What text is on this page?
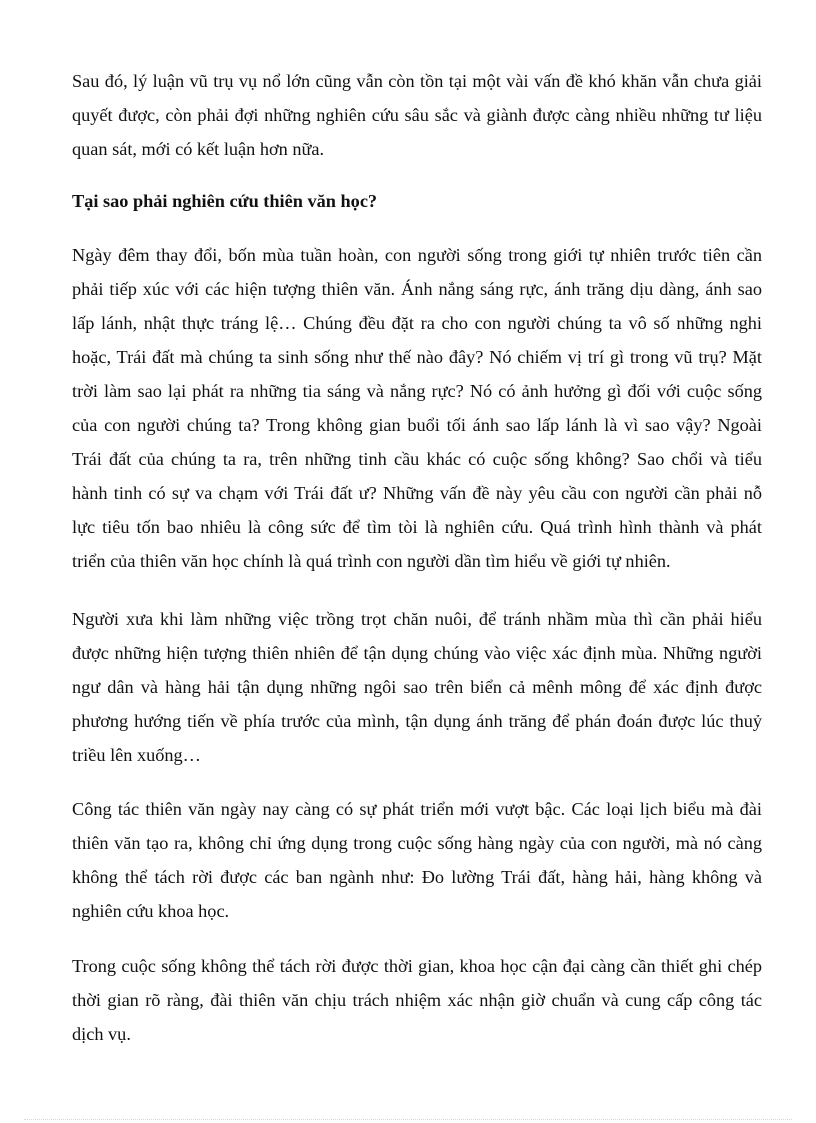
Sau đó, lý luận vũ trụ vụ nổ lớn cũng vẫn còn tồn tại một vài vấn đề khó khăn vẫn chưa giải
quyết được, còn phải đợi những nghiên cứu sâu sắc và giành được càng nhiều những tư liệu
quan sát, mới có kết luận hơn nữa.

Tại sao phải nghiên cứu thiên văn học?

Ngày đêm thay đổi, bốn mùa tuần hoàn, con người sống trong giới tự nhiên trước tiên cần
phải tiếp xúc với các hiện tượng thiên văn. Ánh nắng sáng rực, ánh trăng dịu dàng, ánh sao
lấp lánh, nhật thực tráng lệ… Chúng đều đặt ra cho con người chúng ta vô số những nghi
hoặc, Trái đất mà chúng ta sinh sống như thế nào đây? Nó chiếm vị trí gì trong vũ trụ? Mặt
trời làm sao lại phát ra những tia sáng và nắng rực? Nó có ảnh hưởng gì đối với cuộc sống
của con người chúng ta? Trong không gian buổi tối ánh sao lấp lánh là vì sao vậy? Ngoài
Trái đất của chúng ta ra, trên những tinh cầu khác có cuộc sống không? Sao chổi và tiểu
hành tinh có sự va chạm với Trái đất ư? Những vấn đề này yêu cầu con người cần phải nỗ
lực tiêu tốn bao nhiêu là công sức để tìm tòi là nghiên cứu. Quá trình hình thành và phát
triển của thiên văn học chính là quá trình con người dần tìm hiểu về giới tự nhiên.

Người xưa khi làm những việc trồng trọt chăn nuôi, để tránh nhầm mùa thì cần phải hiểu
được những hiện tượng thiên nhiên để tận dụng chúng vào việc xác định mùa. Những người
ngư dân và hàng hải tận dụng những ngôi sao trên biển cả mênh mông để xác định được
phương hướng tiến về phía trước của mình, tận dụng ánh trăng để phán đoán được lúc thuỷ
triều lên xuống…

Công tác thiên văn ngày nay càng có sự phát triển mới vượt bậc. Các loại lịch biểu mà đài
thiên văn tạo ra, không chỉ ứng dụng trong cuộc sống hàng ngày của con người, mà nó càng
không thể tách rời được các ban ngành như: Đo lường Trái đất, hàng hải, hàng không và
nghiên cứu khoa học.

Trong cuộc sống không thể tách rời được thời gian, khoa học cận đại càng cần thiết ghi chép
thời gian rõ ràng, đài thiên văn chịu trách nhiệm xác nhận giờ chuẩn và cung cấp công tác
dịch vụ.
